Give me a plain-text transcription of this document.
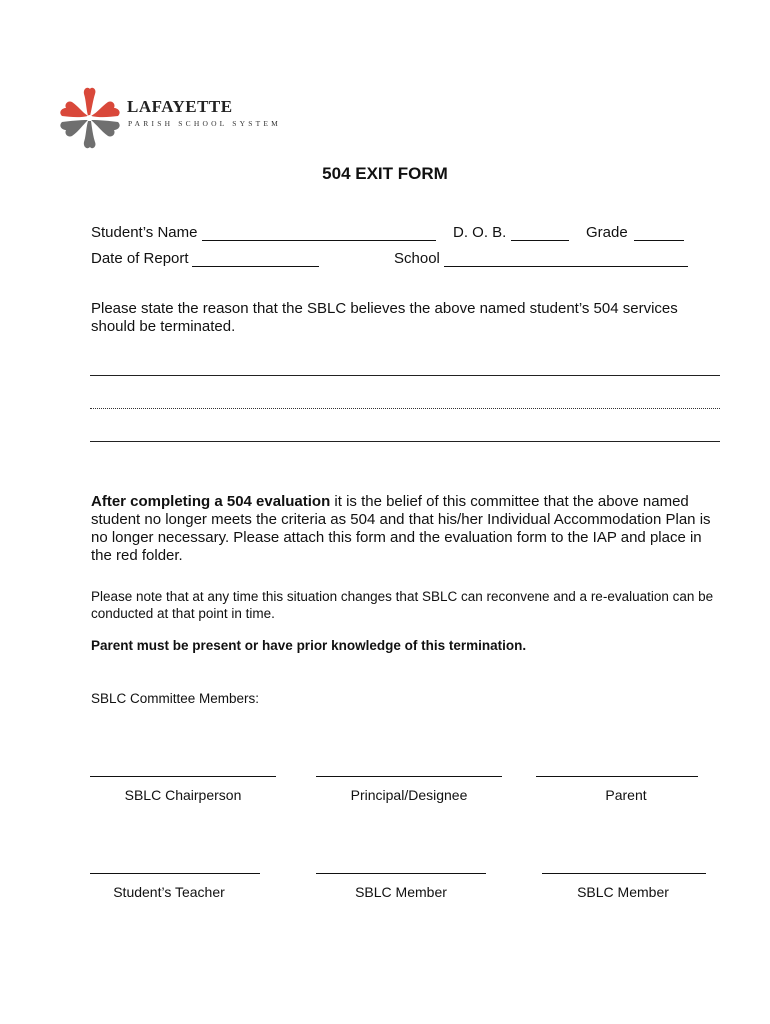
LAFAYETTE
PARISH SCHOOL SYSTEM
504 EXIT FORM
Student’s Name	D. O. B.	Grade
Date of Report	School
Please state the reason that the SBLC believes the above named student’s 504 services should be terminated.
After completing a 504 evaluation it is the belief of this committee that the above named student no longer meets the criteria as 504 and that his/her Individual Accommodation Plan is no longer necessary. Please attach this form and the evaluation form to the IAP and place in the red folder.
Please note that at any time this situation changes that SBLC can reconvene and a re-evaluation can be conducted at that point in time.
Parent must be present or have prior knowledge of this termination.
SBLC Committee Members:
SBLC Chairperson	Principal/Designee	Parent
Student’s Teacher	SBLC Member	SBLC Member
